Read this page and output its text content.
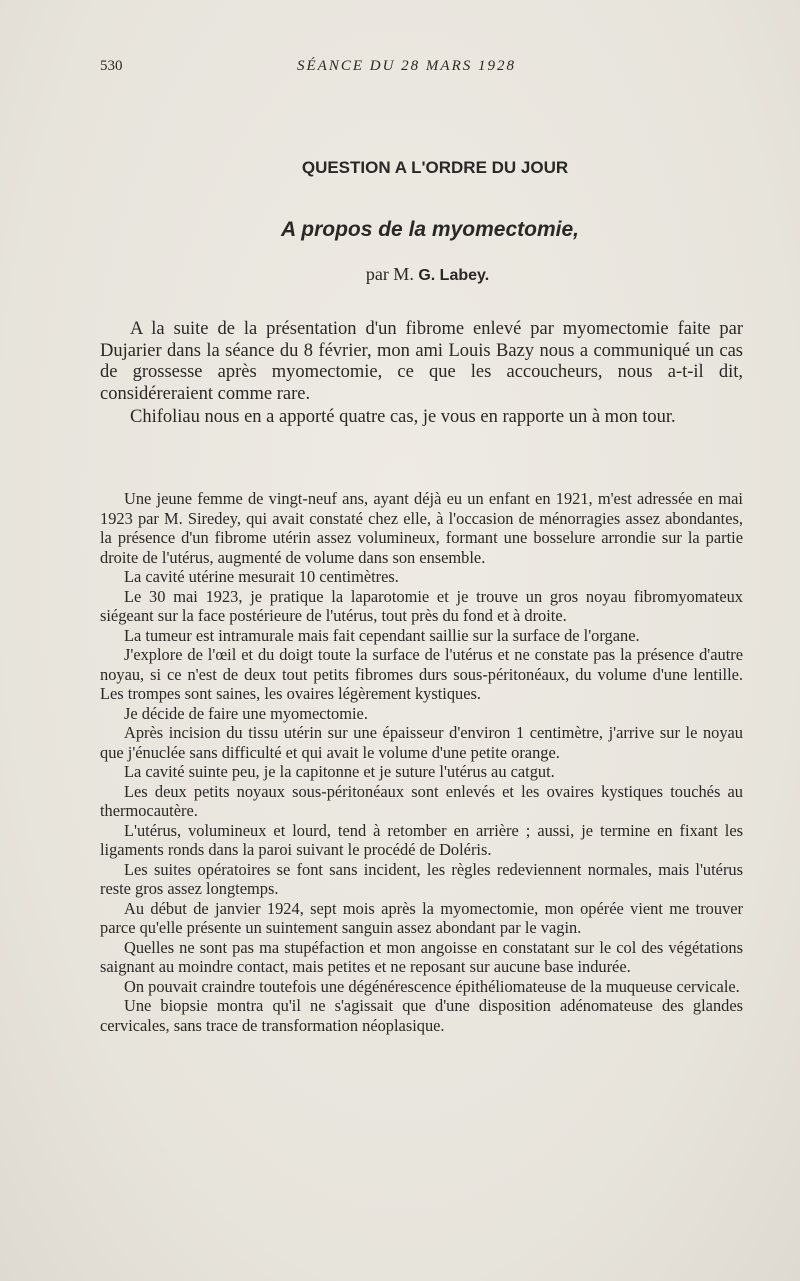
530	SÉANCE DU 28 MARS 1928
QUESTION A L'ORDRE DU JOUR
A propos de la myomectomie,
par M. G. Labey.

A la suite de la présentation d'un fibrome enlevé par myomectomie faite par Dujarier dans la séance du 8 février, mon ami Louis Bazy nous a communiqué un cas de grossesse après myomectomie, ce que les accoucheurs, nous a-t-il dit, considéreraient comme rare.

Chifoliau nous en a apporté quatre cas, je vous en rapporte un à mon tour.

Une jeune femme de vingt-neuf ans, ayant déjà eu un enfant en 1921, m'est adressée en mai 1923 par M. Siredey, qui avait constaté chez elle, à l'occasion de ménorragies assez abondantes, la présence d'un fibrome utérin assez volumineux, formant une bosselure arrondie sur la partie droite de l'utérus, augmenté de volume dans son ensemble.

La cavité utérine mesurait 10 centimètres.

Le 30 mai 1923, je pratique la laparotomie et je trouve un gros noyau fibromyomateux siégeant sur la face postérieure de l'utérus, tout près du fond et à droite.

La tumeur est intramurale mais fait cependant saillie sur la surface de l'organe.

J'explore de l'œil et du doigt toute la surface de l'utérus et ne constate pas la présence d'autre noyau, si ce n'est de deux tout petits fibromes durs sous-péritonéaux, du volume d'une lentille. Les trompes sont saines, les ovaires légèrement kystiques.

Je décide de faire une myomectomie.

Après incision du tissu utérin sur une épaisseur d'environ 1 centimètre, j'arrive sur le noyau que j'énuclée sans difficulté et qui avait le volume d'une petite orange.

La cavité suinte peu, je la capitonne et je suture l'utérus au catgut.

Les deux petits noyaux sous-péritonéaux sont enlevés et les ovaires kystiques touchés au thermocautère.

L'utérus, volumineux et lourd, tend à retomber en arrière ; aussi, je termine en fixant les ligaments ronds dans la paroi suivant le procédé de Doléris.

Les suites opératoires se font sans incident, les règles redeviennent normales, mais l'utérus reste gros assez longtemps.

Au début de janvier 1924, sept mois après la myomectomie, mon opérée vient me trouver parce qu'elle présente un suintement sanguin assez abondant par le vagin.

Quelles ne sont pas ma stupéfaction et mon angoisse en constatant sur le col des végétations saignant au moindre contact, mais petites et ne reposant sur aucune base indurée.

On pouvait craindre toutefois une dégénérescence épithéliomateuse de la muqueuse cervicale.

Une biopsie montra qu'il ne s'agissait que d'une disposition adénomateuse des glandes cervicales, sans trace de transformation néoplasique.
